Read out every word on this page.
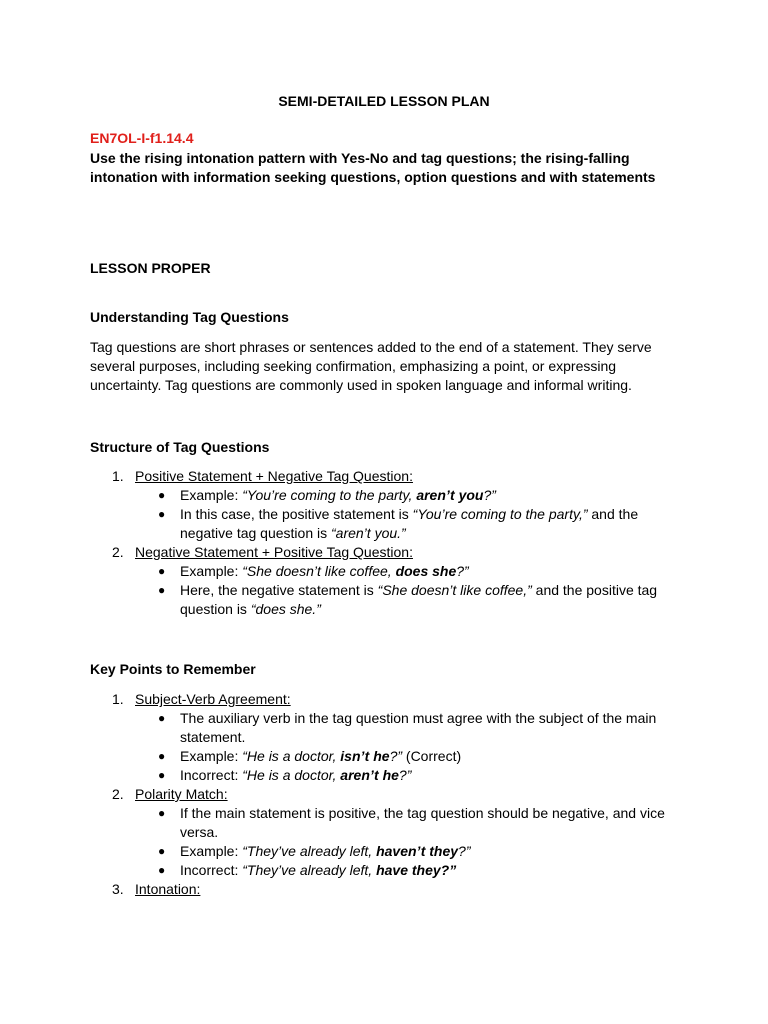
SEMI-DETAILED LESSON PLAN
EN7OL-I-f1.14.4
Use the rising intonation pattern with Yes-No and tag questions; the rising-falling intonation with information seeking questions, option questions and with statements
LESSON PROPER
Understanding Tag Questions
Tag questions are short phrases or sentences added to the end of a statement. They serve several purposes, including seeking confirmation, emphasizing a point, or expressing uncertainty. Tag questions are commonly used in spoken language and informal writing.
Structure of Tag Questions
1. Positive Statement + Negative Tag Question:
● Example: “You’re coming to the party, aren’t you?”
● In this case, the positive statement is “You’re coming to the party,” and the negative tag question is “aren’t you.”
2. Negative Statement + Positive Tag Question:
● Example: “She doesn’t like coffee, does she?”
● Here, the negative statement is “She doesn’t like coffee,” and the positive tag question is “does she.”
Key Points to Remember
1. Subject-Verb Agreement:
● The auxiliary verb in the tag question must agree with the subject of the main statement.
● Example: “He is a doctor, isn’t he?” (Correct)
● Incorrect: “He is a doctor, aren’t he?”
2. Polarity Match:
● If the main statement is positive, the tag question should be negative, and vice versa.
● Example: “They’ve already left, haven’t they?”
● Incorrect: “They’ve already left, have they?”
3. Intonation:
